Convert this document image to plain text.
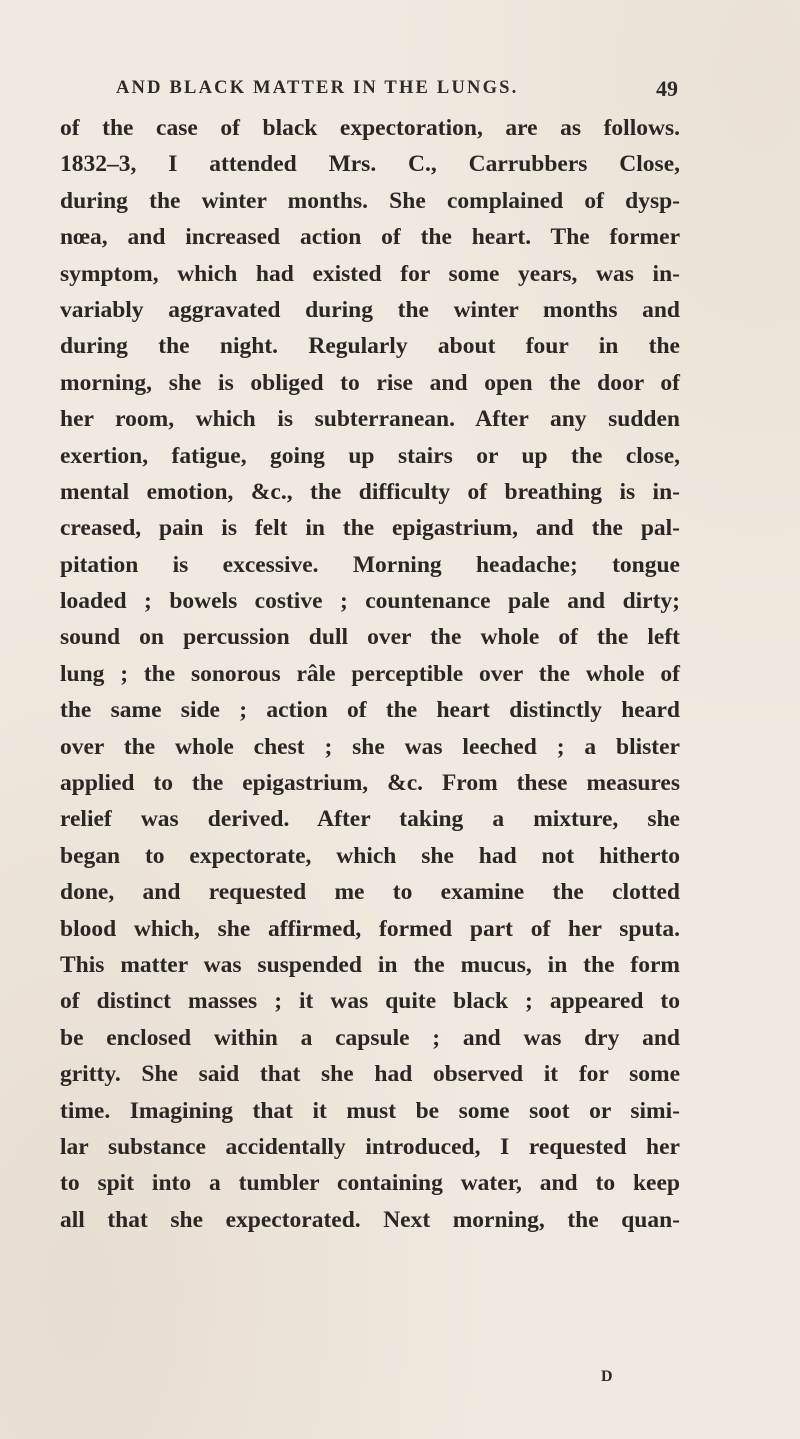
AND BLACK MATTER IN THE LUNGS.	49
of the case of black expectoration, are as follows.
1832–3, I attended Mrs. C., Carrubbers Close,
during the winter months. She complained of dysp-
nœa, and increased action of the heart. The former
symptom, which had existed for some years, was in-
variably aggravated during the winter months and
during the night. Regularly about four in the
morning, she is obliged to rise and open the door of
her room, which is subterranean. After any sudden
exertion, fatigue, going up stairs or up the close,
mental emotion, &c., the difficulty of breathing is in-
creased, pain is felt in the epigastrium, and the pal-
pitation is excessive. Morning headache; tongue
loaded ; bowels costive ; countenance pale and dirty;
sound on percussion dull over the whole of the left
lung ; the sonorous râle perceptible over the whole of
the same side ; action of the heart distinctly heard
over the whole chest ; she was leeched ; a blister
applied to the epigastrium, &c. From these measures
relief was derived. After taking a mixture, she
began to expectorate, which she had not hitherto
done, and requested me to examine the clotted
blood which, she affirmed, formed part of her sputa.
This matter was suspended in the mucus, in the form
of distinct masses ; it was quite black ; appeared to
be enclosed within a capsule ; and was dry and
gritty. She said that she had observed it for some
time. Imagining that it must be some soot or simi-
lar substance accidentally introduced, I requested her
to spit into a tumbler containing water, and to keep
all that she expectorated. Next morning, the quan-
D
